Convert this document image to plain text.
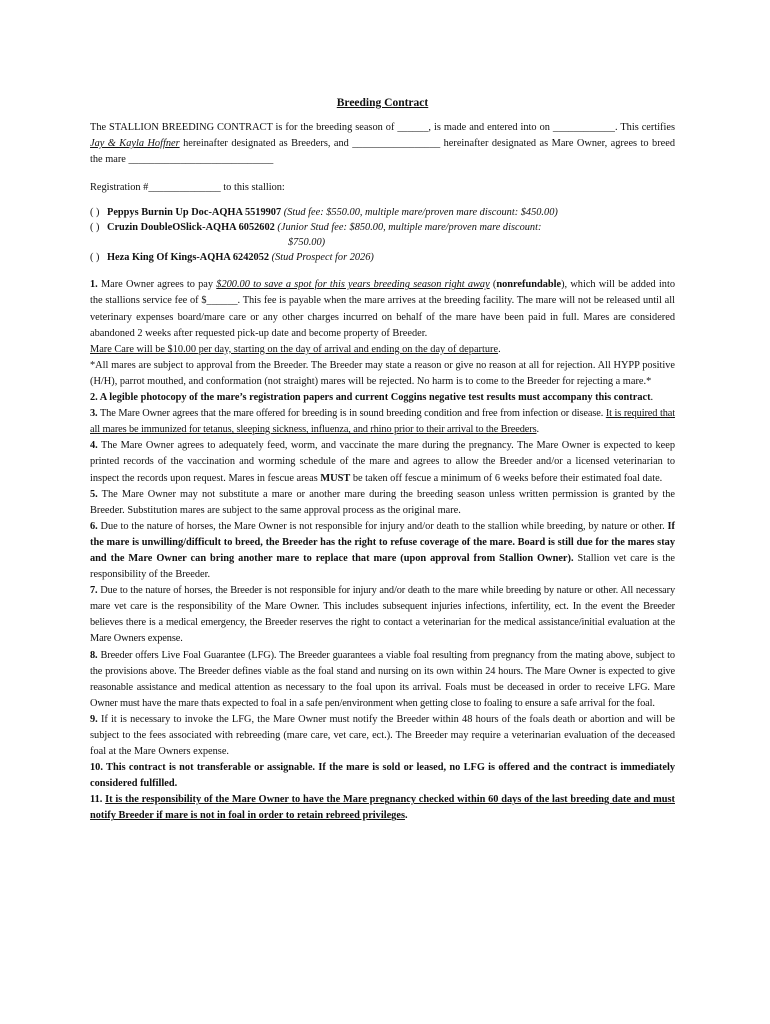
Breeding Contract

The STALLION BREEDING CONTRACT is for the breeding season of ______, is made and entered into on ____________. This certifies Jay & Kayla Hoffner hereinafter designated as Breeders, and _________________ hereinafter designated as Mare Owner, agrees to breed the mare ____________________________

Registration #______________ to this stallion:

( ) Peppys Burnin Up Doc-AQHA 5519907 (Stud fee: $550.00, multiple mare/proven mare discount: $450.00)
( ) Cruzin DoubleOSlick-AQHA 6052602 (Junior Stud fee: $850.00, multiple mare/proven mare discount:
$750.00)
( ) Heza King Of Kings-AQHA 6242052 (Stud Prospect for 2026)

1. Mare Owner agrees to pay $200.00 to save a spot for this years breeding season right away (nonrefundable), which will be added into the stallions service fee of $______. This fee is payable when the mare arrives at the breeding facility. The mare will not be released until all veterinary expenses board/mare care or any other charges incurred on behalf of the mare have been paid in full. Mares are considered abandoned 2 weeks after requested pick-up date and become property of Breeder.

Mare Care will be $10.00 per day, starting on the day of arrival and ending on the day of departure.

*All mares are subject to approval from the Breeder. The Breeder may state a reason or give no reason at all for rejection. All HYPP positive (H/H), parrot mouthed, and conformation (not straight) mares will be rejected. No harm is to come to the Breeder for rejecting a mare.*

2. A legible photocopy of the mare’s registration papers and current Coggins negative test results must accompany this contract.

3. The Mare Owner agrees that the mare offered for breeding is in sound breeding condition and free from infection or disease. It is required that all mares be immunized for tetanus, sleeping sickness, influenza, and rhino prior to their arrival to the Breeders.

4. The Mare Owner agrees to adequately feed, worm, and vaccinate the mare during the pregnancy. The Mare Owner is expected to keep printed records of the vaccination and worming schedule of the mare and agrees to allow the Breeder and/or a licensed veterinarian to inspect the records upon request. Mares in fescue areas MUST be taken off fescue a minimum of 6 weeks before their estimated foal date.

5. The Mare Owner may not substitute a mare or another mare during the breeding season unless written permission is granted by the Breeder. Substitution mares are subject to the same approval process as the original mare.

6. Due to the nature of horses, the Mare Owner is not responsible for injury and/or death to the stallion while breeding, by nature or other. If the mare is unwilling/difficult to breed, the Breeder has the right to refuse coverage of the mare. Board is still due for the mares stay and the Mare Owner can bring another mare to replace that mare (upon approval from Stallion Owner). Stallion vet care is the responsibility of the Breeder.

7. Due to the nature of horses, the Breeder is not responsible for injury and/or death to the mare while breeding by nature or other. All necessary mare vet care is the responsibility of the Mare Owner. This includes subsequent injuries infections, infertility, ect. In the event the Breeder believes there is a medical emergency, the Breeder reserves the right to contact a veterinarian for the medical assistance/initial evaluation at the Mare Owners expense.

8. Breeder offers Live Foal Guarantee (LFG). The Breeder guarantees a viable foal resulting from pregnancy from the mating above, subject to the provisions above. The Breeder defines viable as the foal stand and nursing on its own within 24 hours. The Mare Owner is expected to give reasonable assistance and medical attention as necessary to the foal upon its arrival. Foals must be deceased in order to receive LFG. Mare Owner must have the mare thats expected to foal in a safe pen/environment when getting close to foaling to ensure a safe arrival for the foal.

9. If it is necessary to invoke the LFG, the Mare Owner must notify the Breeder within 48 hours of the foals death or abortion and will be subject to the fees associated with rebreeding (mare care, vet care, ect.). The Breeder may require a veterinarian evaluation of the deceased foal at the Mare Owners expense.

10. This contract is not transferable or assignable. If the mare is sold or leased, no LFG is offered and the contract is immediately considered fulfilled.

11. It is the responsibility of the Mare Owner to have the Mare pregnancy checked within 60 days of the last breeding date and must notify Breeder if mare is not in foal in order to retain rebreed privileges.
